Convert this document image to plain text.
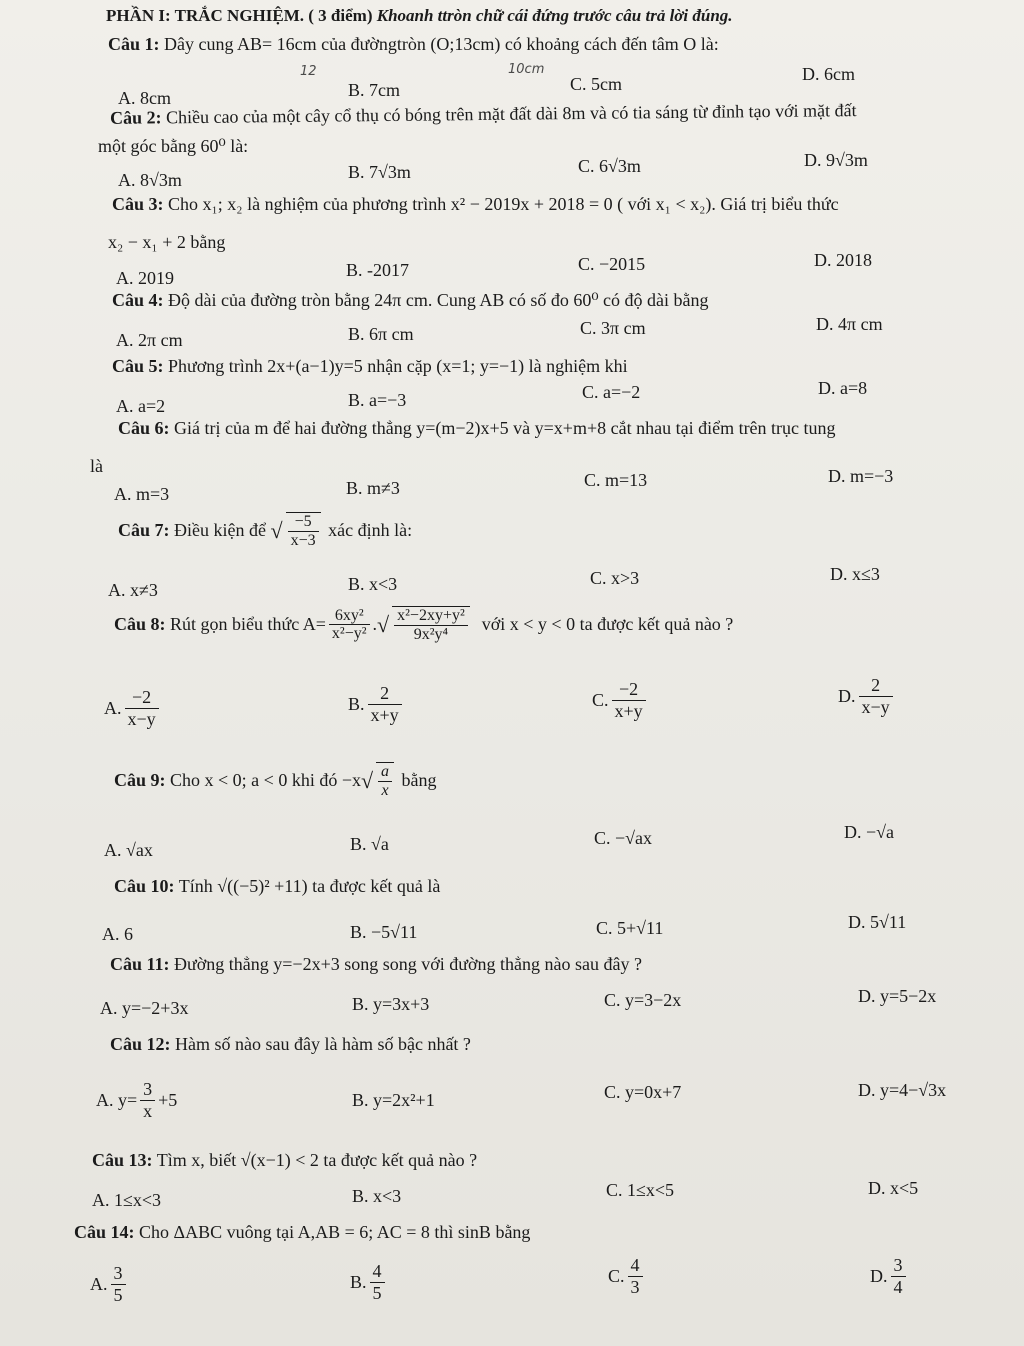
PHẦN I: TRẮC NGHIỆM. ( 3 điểm) Khoanh ttròn chữ cái đứng trước câu trả lời đúng.
Câu 1: Dây cung AB= 16cm của đườngtròn (O;13cm) có khoảng cách đến tâm O là:
12	10cm
A. 8cm	B. 7cm	C. 5cm	D. 6cm
Câu 2: Chiều cao của một cây cổ thụ có bóng trên mặt đất dài 8m và có tia sáng từ đỉnh tạo với mặt đất
một góc bằng 60⁰ là:
A. 8√3m	B. 7√3m	C. 6√3m	D. 9√3m
Câu 3: Cho x₁; x₂ là nghiệm của phương trình x² − 2019x + 2018 = 0 ( với x₁ < x₂). Giá trị biểu thức
x₂ − x₁ + 2 bằng
A. 2019	B. -2017	C. −2015	D. 2018
Câu 4: Độ dài của đường tròn bằng 24π cm. Cung AB có số đo 60⁰ có độ dài bằng
A. 2π cm	B. 6π cm	C. 3π cm	D. 4π cm
Câu 5: Phương trình 2x+(a−1)y=5 nhận cặp (x=1; y=−1) là nghiệm khi
A. a=2	B. a=−3	C. a=−2	D. a=8
Câu 6: Giá trị của m để hai đường thẳng y=(m−2)x+5 và y=x+m+8 cắt nhau tại điểm trên trục tung
là
A. m=3	B. m≠3	C. m=13	D. m=−3
Câu 7:
Điều kiện để
√ $\frac{-5}{x-3}$
xác định là:
A. x≠3	B. x<3	C. x>3	D. x≤3
Câu 8:
Rút gọn biểu thức $A= \frac{\text{6xy²}}{\text{x²−y²}}$ . √ $\frac{\text{x²−2xy+y²}}{\text{9x²y⁴}}$
với x < y < 0 ta được kết quả nào ?
A. $\frac{-2}{x-y}$	B. $\frac{2}{x+y}$	C. $\frac{-2}{x+y}$	D. $\frac{2}{x-y}$
Câu 9:
Cho x < 0; a < 0 khi đó −x √ $\frac{a}{x}$
bằng
A. √ax	B. √a	C. −√ax	D. −√a
Câu 10: Tính √((−5)² +11) ta được kết quả là
A. 6	B. −5√11	C. 5+√11	D. 5√11
Câu 11: Đường thẳng y=−2x+3 song song với đường thẳng nào sau đây ?
A. y=−2+3x	B. y=3x+3	C. y=3−2x	D. y=5−2x
Câu 12: Hàm số nào sau đây là hàm số bậc nhất ?
A.
$y= \frac{3}{x} +5$	B. y=2x²+1	C. y=0x+7	D. y=4−√3x
Câu 13: Tìm x, biết √(x−1) < 2 ta được kết quả nào ?
A. 1≤x<3	B. x<3	C. 1≤x<5	D. x<5
Câu 14: Cho ΔABC vuông tại A,AB = 6; AC = 8 thì sinB bằng
A. $\frac{3}{5}$	B. $\frac{4}{5}$	C. $\frac{4}{3}$	D. $\frac{3}{4}$
